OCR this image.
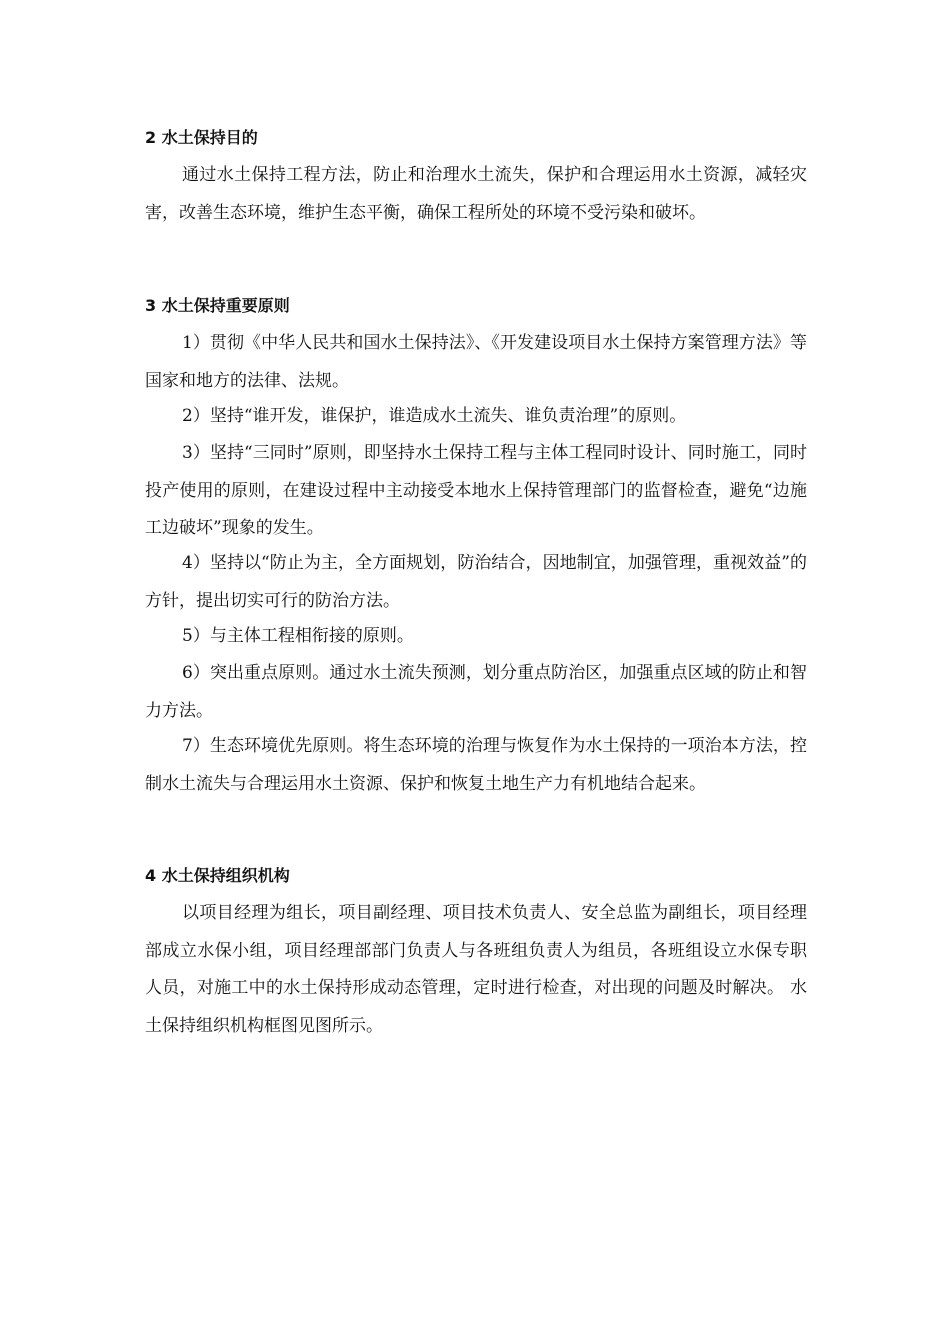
2 水土保持目的

通过水土保持工程方法，防止和治理水土流失，保护和合理运用水土资源，减轻灾害，改善生态环境，维护生态平衡，确保工程所处的环境不受污染和破坏。

3 水土保持重要原则

1）贯彻《中华人民共和国水土保持法》、《开发建设项目水土保持方案管理方法》等国家和地方的法律、法规。

2）坚持“谁开发，谁保护，谁造成水土流失、谁负责治理”的原则。

3）坚持“三同时”原则，即坚持水土保持工程与主体工程同时设计、同时施工，同时投产使用的原则，在建设过程中主动接受本地水上保持管理部门的监督检查，避免“边施工边破坏”现象的发生。

4）坚持以“防止为主，全方面规划，防治结合，因地制宜，加强管理，重视效益”的方针，提出切实可行的防治方法。

5）与主体工程相衔接的原则。

6）突出重点原则。通过水土流失预测，划分重点防治区，加强重点区域的防止和智力方法。

7）生态环境优先原则。将生态环境的治理与恢复作为水土保持的一项治本方法，控制水土流失与合理运用水土资源、保护和恢复土地生产力有机地结合起来。

4 水土保持组织机构

以项目经理为组长，项目副经理、项目技术负责人、安全总监为副组长，项目经理部成立水保小组，项目经理部部门负责人与各班组负责人为组员，各班组设立水保专职人员，对施工中的水土保持形成动态管理，定时进行检查，对出现的问题及时解决。 水土保持组织机构框图见图所示。
